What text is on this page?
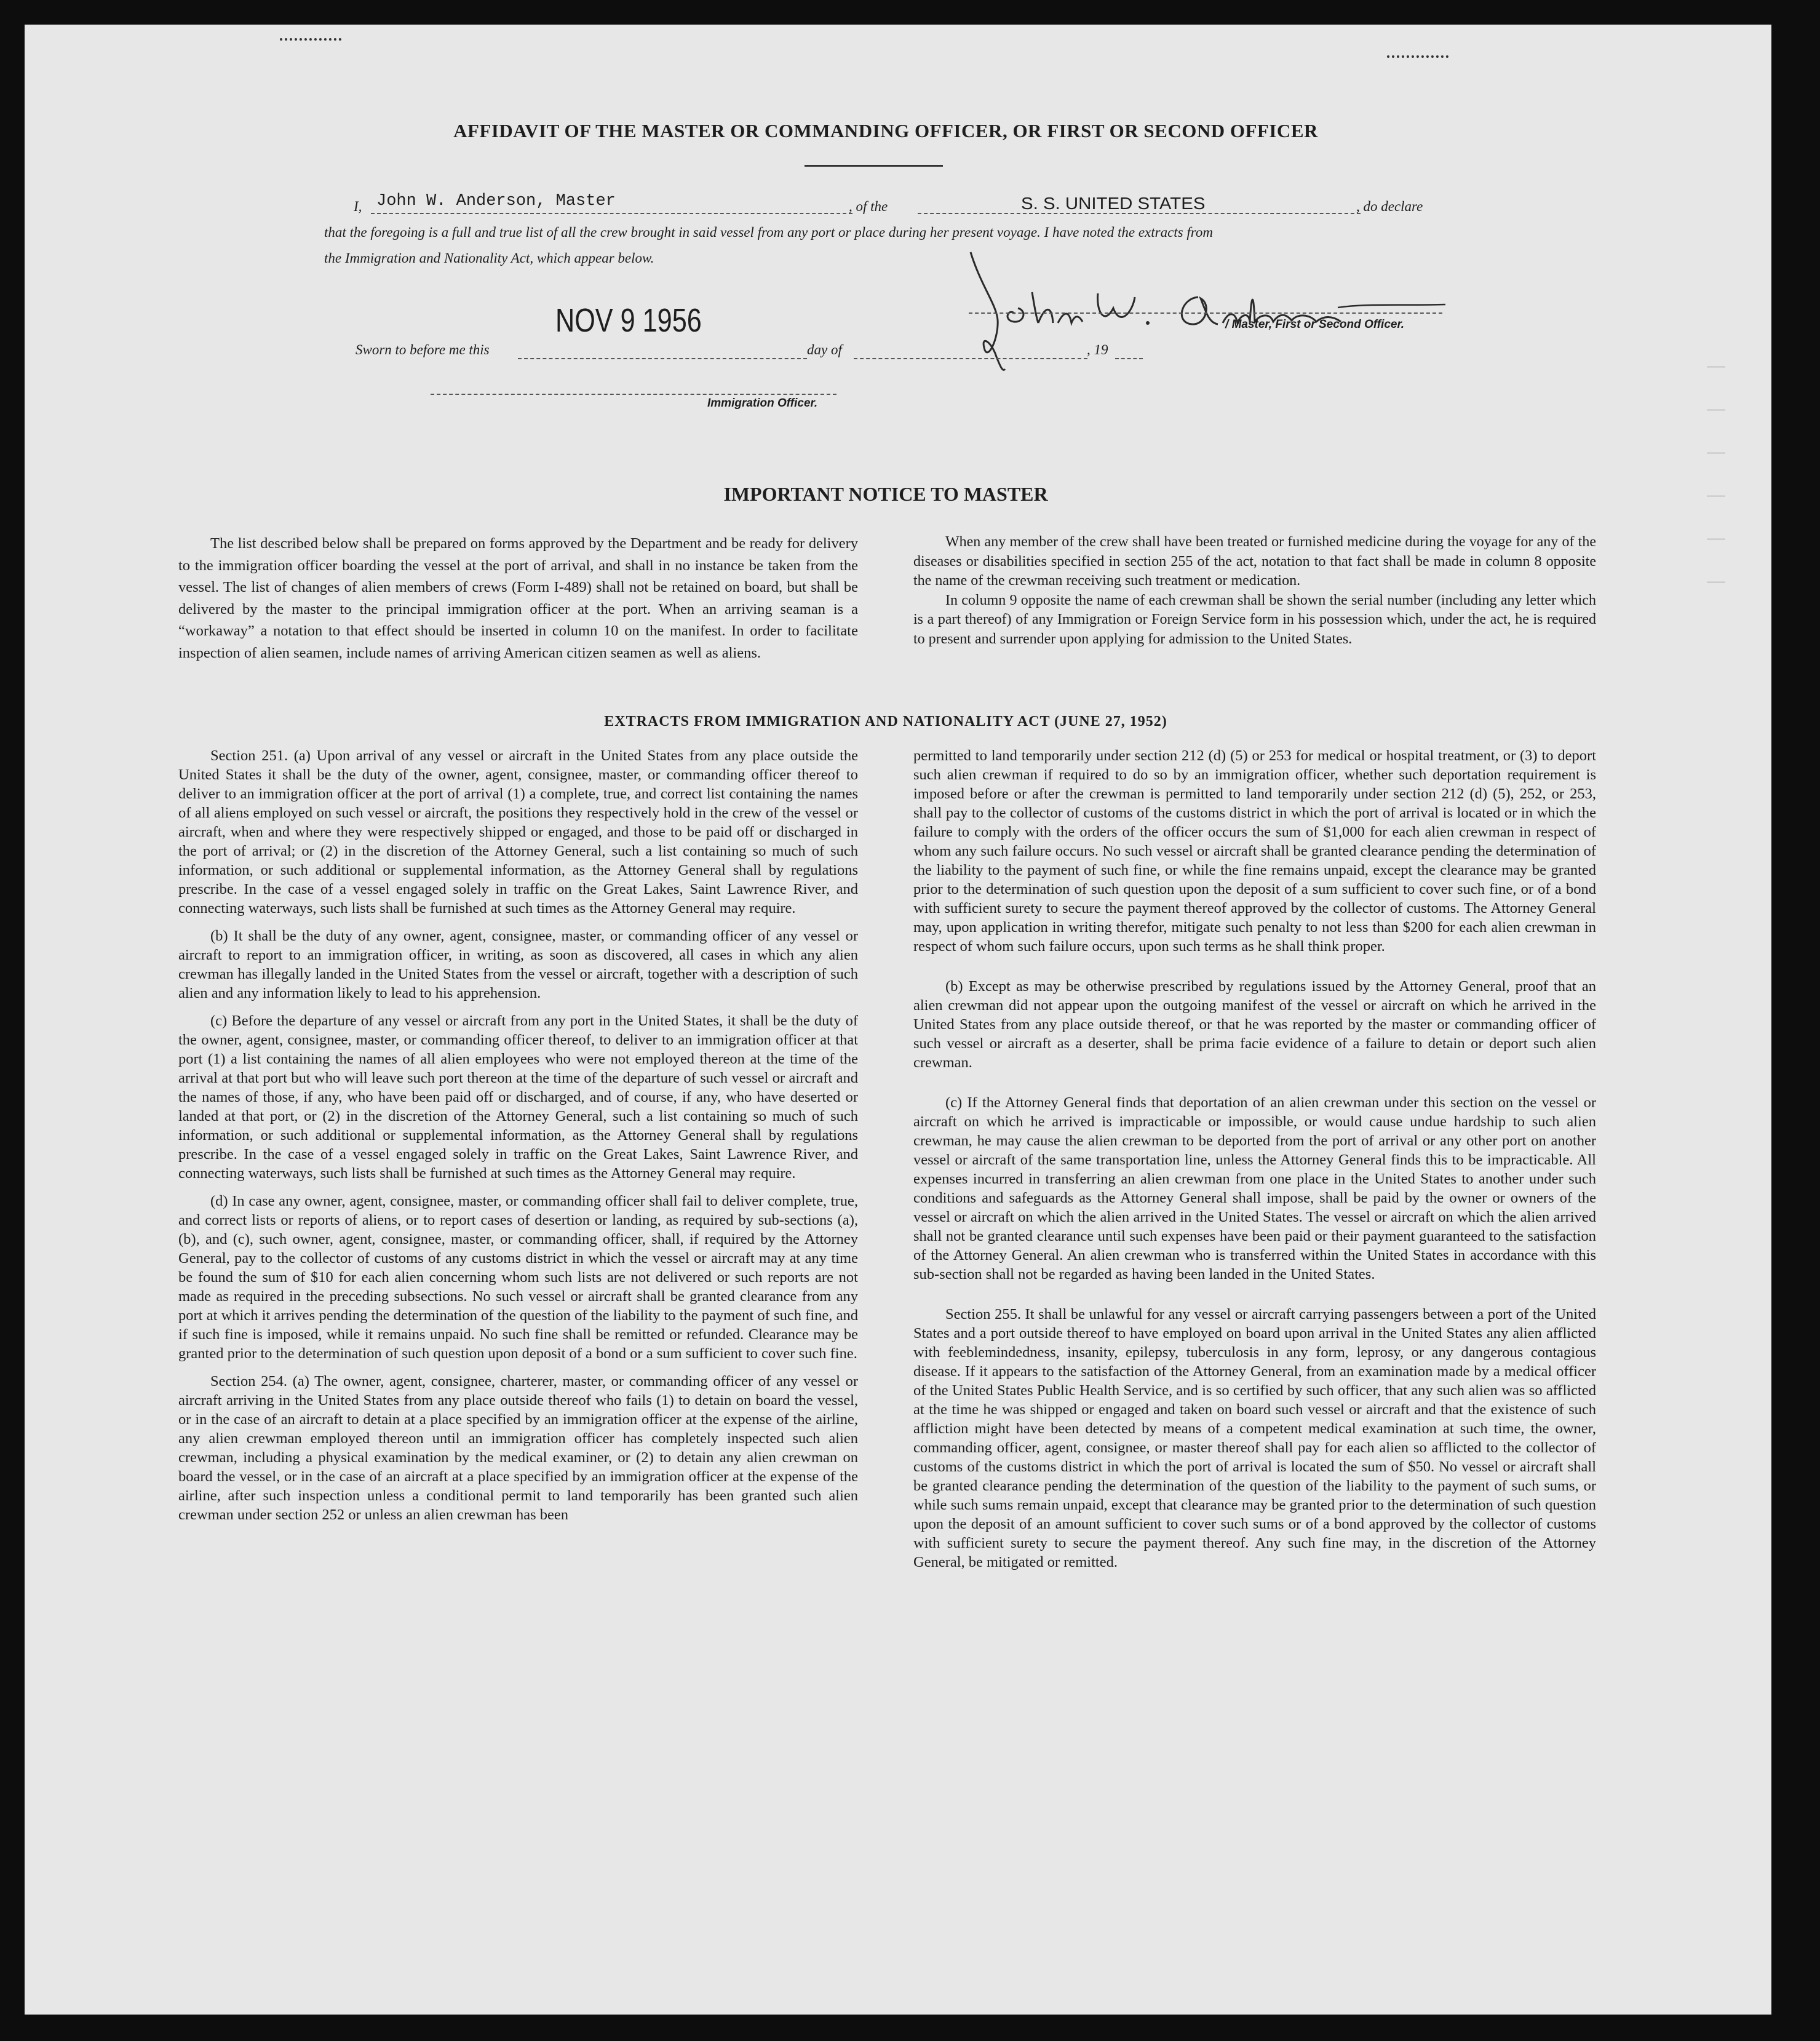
—
—
—
—
—
—
AFFIDAVIT OF THE MASTER OR COMMANDING OFFICER, OR FIRST OR SECOND OFFICER
I, John W. Anderson, Master	, of the	S. S. UNITED STATES	, do declare
that the foregoing is a full and true list of all the crew brought in said vessel from any port or place during her present voyage. I have noted the extracts from
the Immigration and Nationality Act, which appear below.
NOV 9 1956	/ Master, First or Second Officer.
Sworn to before me this	day of	, 19
Immigration Officer.
IMPORTANT NOTICE TO MASTER

The list described below shall be prepared on forms approved by the Department and be ready for delivery to the immigration officer boarding the vessel at the port of arrival, and shall in no instance be taken from the vessel. The list of changes of alien members of crews (Form I-489) shall not be retained on board, but shall be delivered by the master to the principal immigration officer at the port. When an arriving seaman is a “workaway” a notation to that effect should be inserted in column 10 on the manifest. In order to facilitate inspection of alien seamen, include names of arriving American citizen seamen as well as aliens.

When any member of the crew shall have been treated or furnished medicine during the voyage for any of the diseases or disabilities specified in section 255 of the act, notation to that fact shall be made in column 8 opposite the name of the crewman receiving such treatment or medication.

In column 9 opposite the name of each crewman shall be shown the serial number (including any letter which is a part thereof) of any Immigration or Foreign Service form in his possession which, under the act, he is required to present and surrender upon applying for admission to the United States.

EXTRACTS FROM IMMIGRATION AND NATIONALITY ACT (JUNE 27, 1952)

Section 251. (a) Upon arrival of any vessel or aircraft in the United States from any place outside the United States it shall be the duty of the owner, agent, consignee, master, or commanding officer thereof to deliver to an immigration officer at the port of arrival (1) a complete, true, and correct list containing the names of all aliens employed on such vessel or aircraft, the positions they respectively hold in the crew of the vessel or aircraft, when and where they were respectively shipped or engaged, and those to be paid off or discharged in the port of arrival; or (2) in the discretion of the Attorney General, such a list containing so much of such information, or such additional or supplemental information, as the Attorney General shall by regulations prescribe. In the case of a vessel engaged solely in traffic on the Great Lakes, Saint Lawrence River, and connecting waterways, such lists shall be furnished at such times as the Attorney General may require.

(b) It shall be the duty of any owner, agent, consignee, master, or commanding officer of any vessel or aircraft to report to an immigration officer, in writing, as soon as discovered, all cases in which any alien crewman has illegally landed in the United States from the vessel or aircraft, together with a description of such alien and any information likely to lead to his apprehension.

(c) Before the departure of any vessel or aircraft from any port in the United States, it shall be the duty of the owner, agent, consignee, master, or commanding officer thereof, to deliver to an immigration officer at that port (1) a list containing the names of all alien employees who were not employed thereon at the time of the arrival at that port but who will leave such port thereon at the time of the departure of such vessel or aircraft and the names of those, if any, who have been paid off or discharged, and of course, if any, who have deserted or landed at that port, or (2) in the discretion of the Attorney General, such a list containing so much of such information, or such additional or supplemental information, as the Attorney General shall by regulations prescribe. In the case of a vessel engaged solely in traffic on the Great Lakes, Saint Lawrence River, and connecting waterways, such lists shall be furnished at such times as the Attorney General may require.

(d) In case any owner, agent, consignee, master, or commanding officer shall fail to deliver complete, true, and correct lists or reports of aliens, or to report cases of desertion or landing, as required by sub-sections (a), (b), and (c), such owner, agent, consignee, master, or commanding officer, shall, if required by the Attorney General, pay to the collector of customs of any customs district in which the vessel or aircraft may at any time be found the sum of $10 for each alien concerning whom such lists are not delivered or such reports are not made as required in the preceding subsections. No such vessel or aircraft shall be granted clearance from any port at which it arrives pending the determination of the question of the liability to the payment of such fine, and if such fine is imposed, while it remains unpaid. No such fine shall be remitted or refunded. Clearance may be granted prior to the determination of such question upon deposit of a bond or a sum sufficient to cover such fine.

Section 254. (a) The owner, agent, consignee, charterer, master, or commanding officer of any vessel or aircraft arriving in the United States from any place outside thereof who fails (1) to detain on board the vessel, or in the case of an aircraft to detain at a place specified by an immigration officer at the expense of the airline, any alien crewman employed thereon until an immigration officer has completely inspected such alien crewman, including a physical examination by the medical examiner, or (2) to detain any alien crewman on board the vessel, or in the case of an aircraft at a place specified by an immigration officer at the expense of the airline, after such inspection unless a conditional permit to land temporarily has been granted such alien crewman under section 252 or unless an alien crewman has been

permitted to land temporarily under section 212 (d) (5) or 253 for medical or hospital treatment, or (3) to deport such alien crewman if required to do so by an immigration officer, whether such deportation requirement is imposed before or after the crewman is permitted to land temporarily under section 212 (d) (5), 252, or 253, shall pay to the collector of customs of the customs district in which the port of arrival is located or in which the failure to comply with the orders of the officer occurs the sum of $1,000 for each alien crewman in respect of whom any such failure occurs. No such vessel or aircraft shall be granted clearance pending the determination of the liability to the payment of such fine, or while the fine remains unpaid, except the clearance may be granted prior to the determination of such question upon the deposit of a sum sufficient to cover such fine, or of a bond with sufficient surety to secure the payment thereof approved by the collector of customs. The Attorney General may, upon application in writing therefor, mitigate such penalty to not less than $200 for each alien crewman in respect of whom such failure occurs, upon such terms as he shall think proper.

(b) Except as may be otherwise prescribed by regulations issued by the Attorney General, proof that an alien crewman did not appear upon the outgoing manifest of the vessel or aircraft on which he arrived in the United States from any place outside thereof, or that he was reported by the master or commanding officer of such vessel or aircraft as a deserter, shall be prima facie evidence of a failure to detain or deport such alien crewman.

(c) If the Attorney General finds that deportation of an alien crewman under this section on the vessel or aircraft on which he arrived is impracticable or impossible, or would cause undue hardship to such alien crewman, he may cause the alien crewman to be deported from the port of arrival or any other port on another vessel or aircraft of the same transportation line, unless the Attorney General finds this to be impracticable. All expenses incurred in transferring an alien crewman from one place in the United States to another under such conditions and safeguards as the Attorney General shall impose, shall be paid by the owner or owners of the vessel or aircraft on which the alien arrived in the United States. The vessel or aircraft on which the alien arrived shall not be granted clearance until such expenses have been paid or their payment guaranteed to the satisfaction of the Attorney General. An alien crewman who is transferred within the United States in accordance with this sub-section shall not be regarded as having been landed in the United States.

Section 255. It shall be unlawful for any vessel or aircraft carrying passengers between a port of the United States and a port outside thereof to have employed on board upon arrival in the United States any alien afflicted with feeblemindedness, insanity, epilepsy, tuberculosis in any form, leprosy, or any dangerous contagious disease. If it appears to the satisfaction of the Attorney General, from an examination made by a medical officer of the United States Public Health Service, and is so certified by such officer, that any such alien was so afflicted at the time he was shipped or engaged and taken on board such vessel or aircraft and that the existence of such affliction might have been detected by means of a competent medical examination at such time, the owner, commanding officer, agent, consignee, or master thereof shall pay for each alien so afflicted to the collector of customs of the customs district in which the port of arrival is located the sum of $50. No vessel or aircraft shall be granted clearance pending the determination of the question of the liability to the payment of such sums, or while such sums remain unpaid, except that clearance may be granted prior to the determination of such question upon the deposit of an amount sufficient to cover such sums or of a bond approved by the collector of customs with sufficient surety to secure the payment thereof. Any such fine may, in the discretion of the Attorney General, be mitigated or remitted.
